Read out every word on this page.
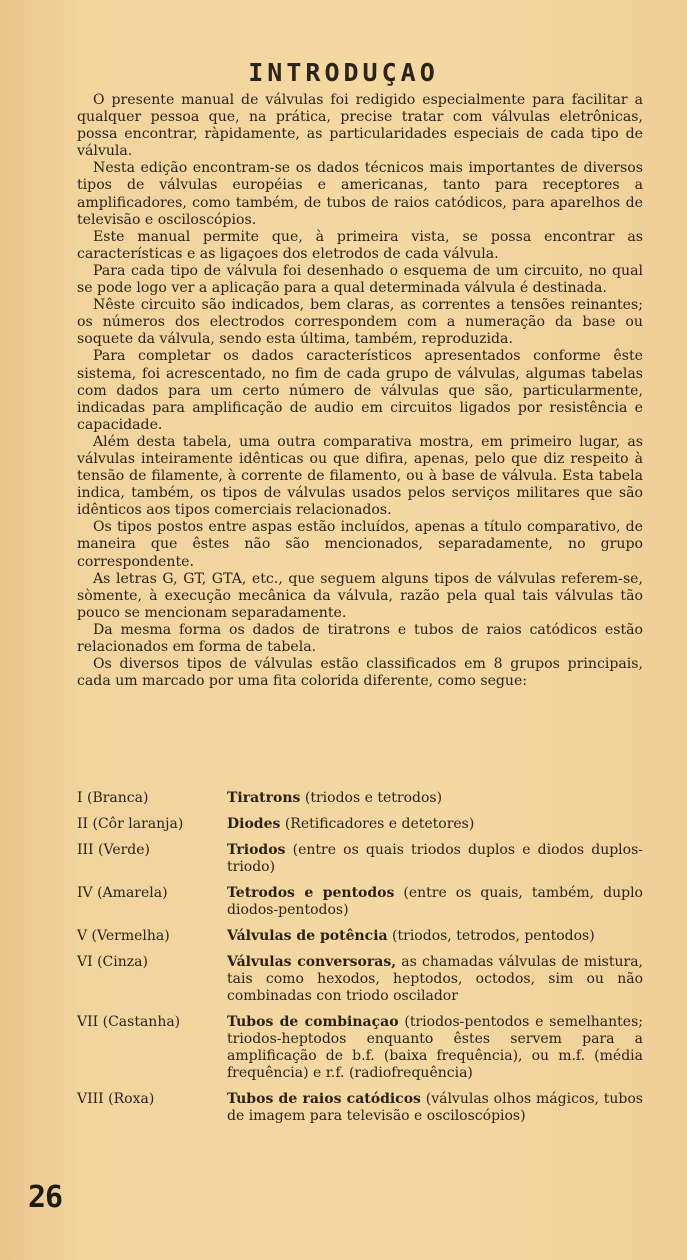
INTRODUÇAO

O presente manual de válvulas foi redigido especialmente para facilitar a qualquer pessoa que, na prática, precise tratar com válvulas eletrônicas, possa encontrar, ràpidamente, as particularidades especiais de cada tipo de válvula.

Nesta edição encontram-se os dados técnicos mais importantes de diversos tipos de válvulas européias e americanas, tanto para receptores a amplificadores, como também, de tubos de raios catódicos, para aparelhos de televisão e osciloscópios.

Este manual permite que, à primeira vista, se possa encontrar as características e as ligaçoes dos eletrodos de cada válvula.

Para cada tipo de válvula foi desenhado o esquema de um circuito, no qual se pode logo ver a aplicação para a qual determinada válvula é destinada.

Nêste circuito são indicados, bem claras, as correntes a tensões reinantes; os números dos electrodos correspondem com a numeração da base ou soquete da válvula, sendo esta última, também, reproduzida.

Para completar os dados característicos apresentados conforme êste sistema, foi acrescentado, no fim de cada grupo de válvulas, algumas tabelas com dados para um certo número de válvulas que são, particularmente, indicadas para amplificação de audio em circuitos ligados por resistência e capacidade.

Além desta tabela, uma outra comparativa mostra, em primeiro lugar, as válvulas inteiramente idênticas ou que difira, apenas, pelo que diz respeito à tensão de filamente, à corrente de filamento, ou à base de válvula. Esta tabela indica, também, os tipos de válvulas usados pelos serviços militares que são idênticos aos tipos comerciais relacionados.

Os tipos postos entre aspas estão incluídos, apenas a título comparativo, de maneira que êstes não são mencionados, separadamente, no grupo correspondente.

As letras G, GT, GTA, etc., que seguem alguns tipos de válvulas referem-se, sòmente, à execução mecânica da válvula, razão pela qual tais válvulas tão pouco se mencionam separadamente.

Da mesma forma os dados de tiratrons e tubos de raios catódicos estão relacionados em forma de tabela.

Os diversos tipos de válvulas estão classificados em 8 grupos principais, cada um marcado por uma fita colorida diferente, como segue:

I (Branca)	Tiratrons (triodos e tetrodos)
II (Côr laranja)	Diodes (Retificadores e detetores)
III (Verde)	Triodos (entre os quais triodos duplos e diodos duplos-triodo)
IV (Amarela)	Tetrodos e pentodos (entre os quais, também, duplo diodos-pentodos)
V (Vermelha)	Válvulas de potência (triodos, tetrodos, pentodos)
VI (Cinza)	Válvulas conversoras, as chamadas válvulas de mistura, tais como hexodos, heptodos, octodos, sim ou não combinadas con triodo oscilador
VII (Castanha)	Tubos de combinaçao (triodos-pentodos e semelhantes; triodos-heptodos enquanto êstes servem para a amplificação de b.f. (baixa frequência), ou m.f. (média frequência) e r.f. (radiofrequência)
VIII (Roxa)	Tubos de raios catódicos (válvulas olhos mágicos, tubos de imagem para televisão e osciloscópios)
26
